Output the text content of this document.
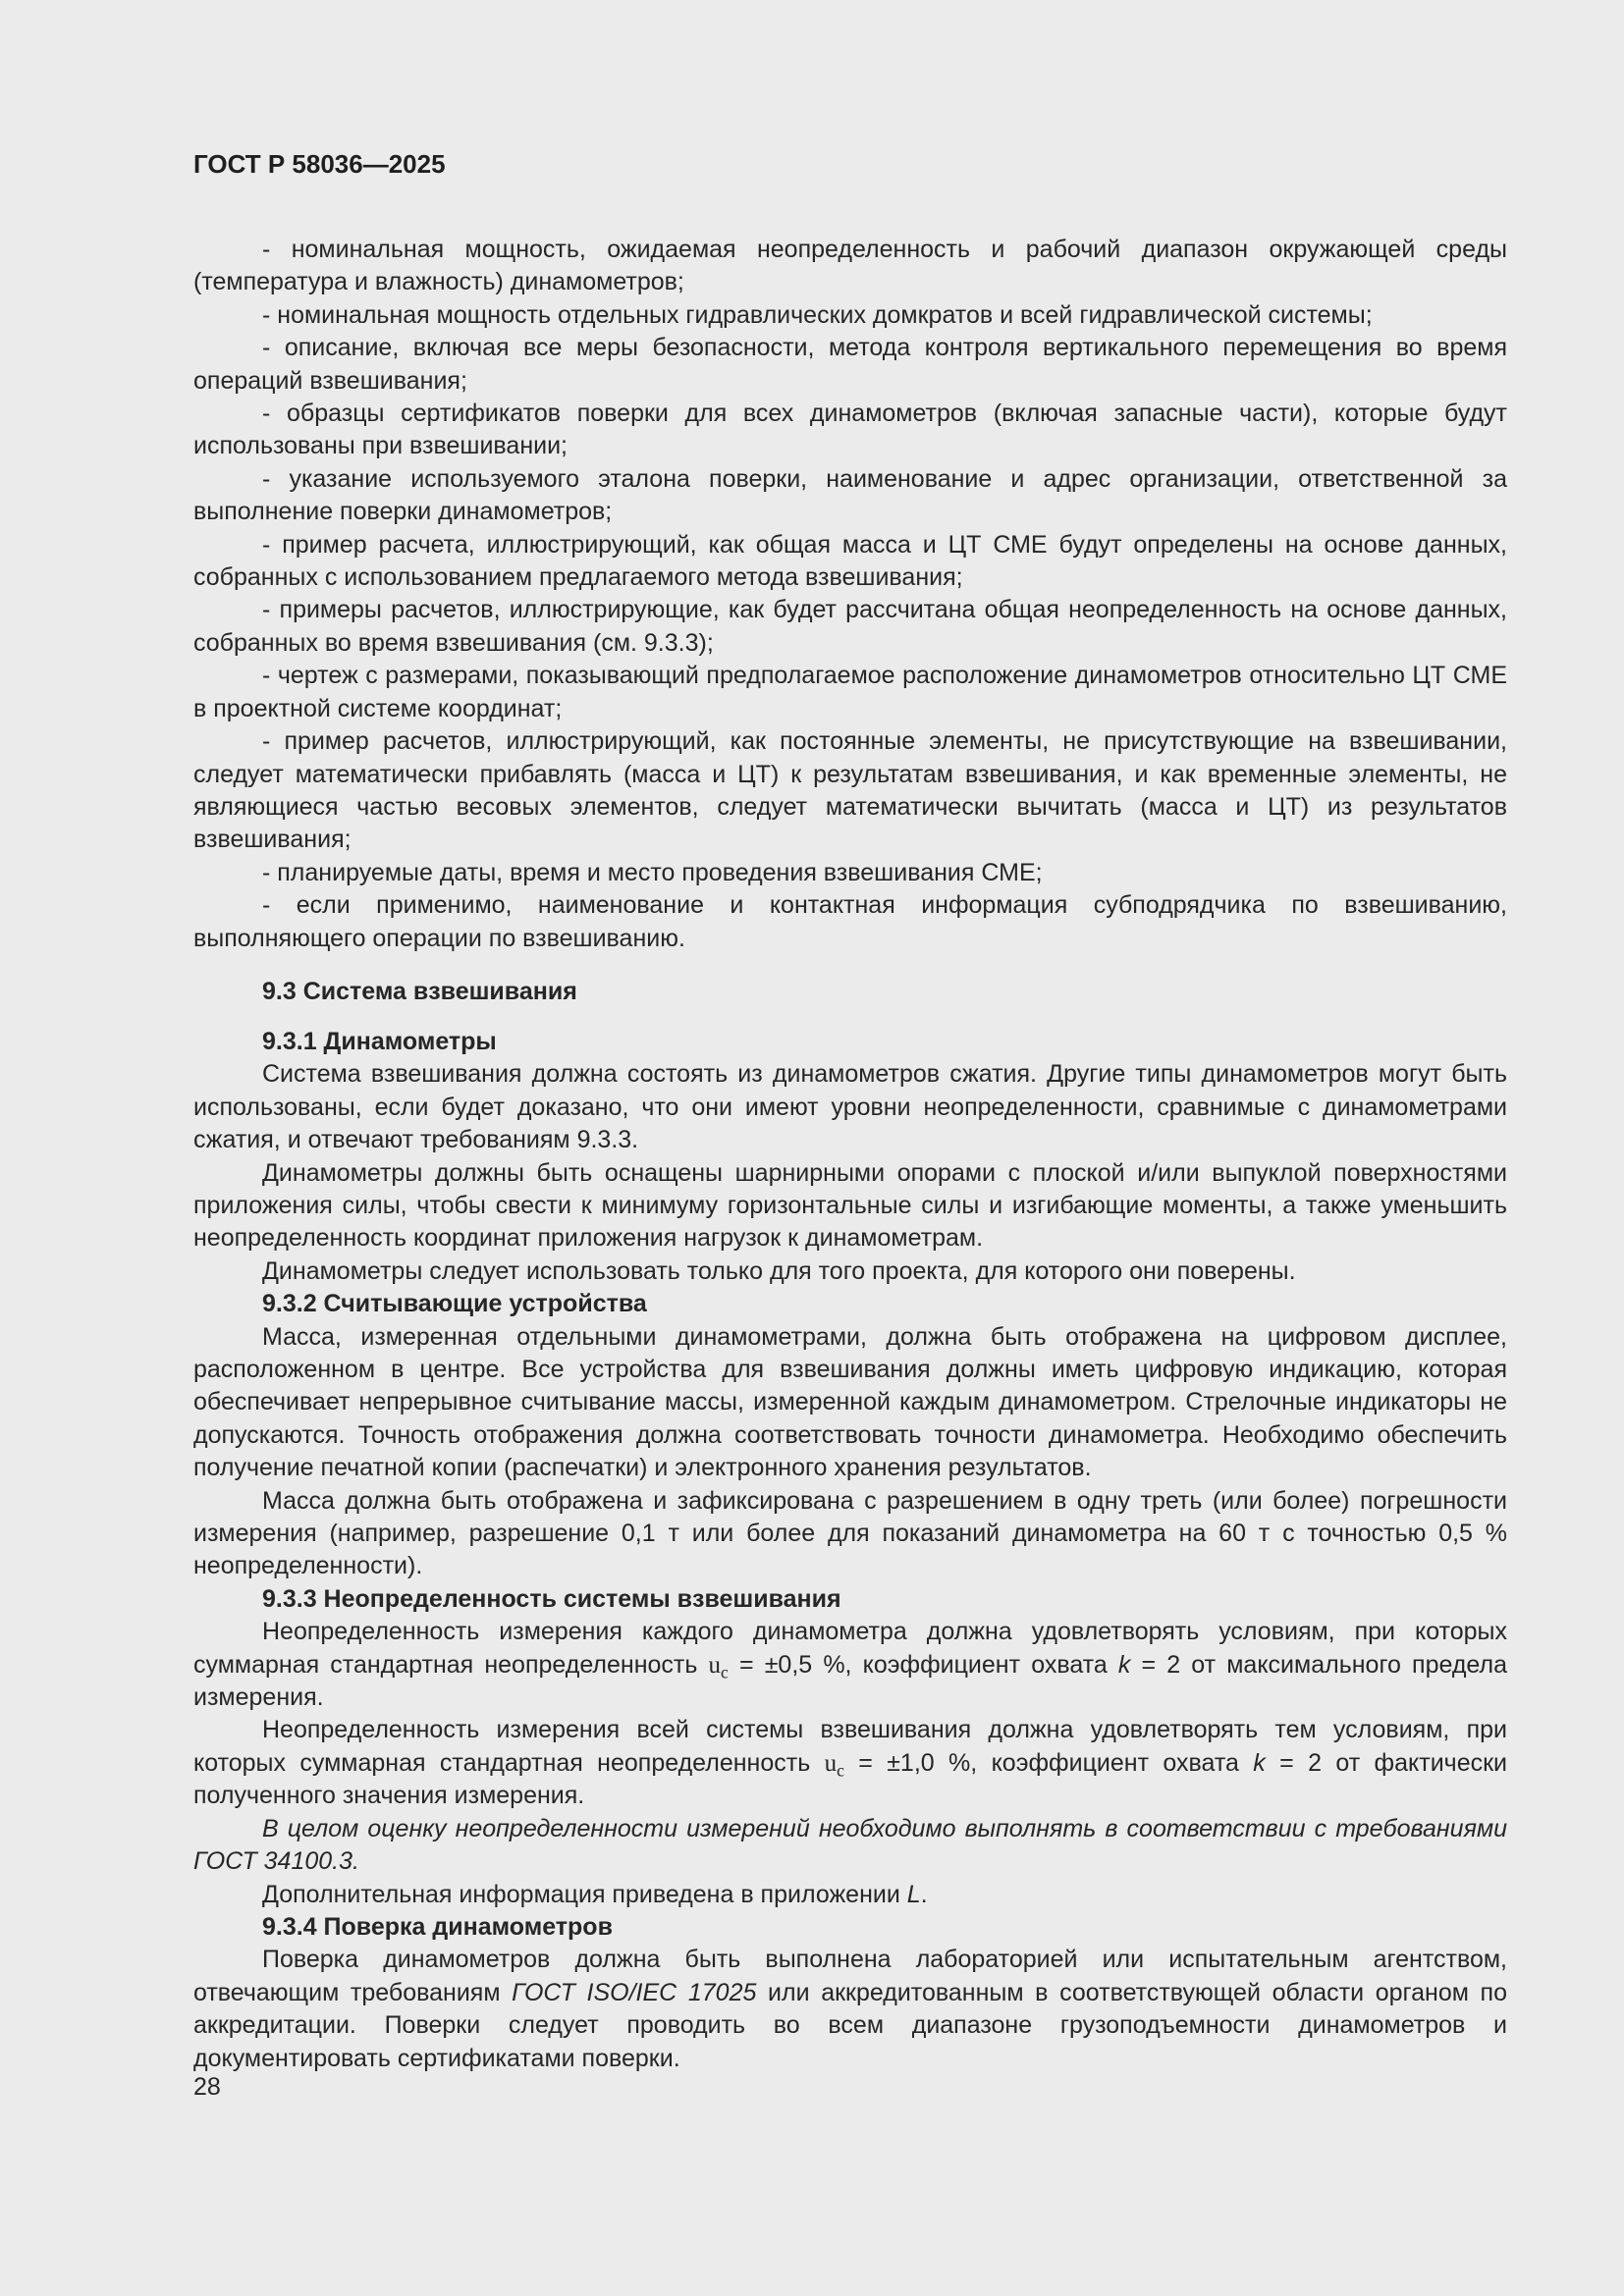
ГОСТ Р 58036—2025

- номинальная мощность, ожидаемая неопределенность и рабочий диапазон окружающей среды (температура и влажность) динамометров;

- номинальная мощность отдельных гидравлических домкратов и всей гидравлической системы;

- описание, включая все меры безопасности, метода контроля вертикального перемещения во время операций взвешивания;

- образцы сертификатов поверки для всех динамометров (включая запасные части), которые будут использованы при взвешивании;

- указание используемого эталона поверки, наименование и адрес организации, ответственной за выполнение поверки динамометров;

- пример расчета, иллюстрирующий, как общая масса и ЦТ СМЕ будут определены на основе данных, собранных с использованием предлагаемого метода взвешивания;

- примеры расчетов, иллюстрирующие, как будет рассчитана общая неопределенность на основе данных, собранных во время взвешивания (см. 9.3.3);

- чертеж с размерами, показывающий предполагаемое расположение динамометров относительно ЦТ СМЕ в проектной системе координат;

- пример расчетов, иллюстрирующий, как постоянные элементы, не присутствующие на взвешивании, следует математически прибавлять (масса и ЦТ) к результатам взвешивания, и как временные элементы, не являющиеся частью весовых элементов, следует математически вычитать (масса и ЦТ) из результатов взвешивания;

- планируемые даты, время и место проведения взвешивания СМЕ;

- если применимо, наименование и контактная информация субподрядчика по взвешиванию, выполняющего операции по взвешиванию.

9.3 Система взвешивания
9.3.1 Динамометры

Система взвешивания должна состоять из динамометров сжатия. Другие типы динамометров могут быть использованы, если будет доказано, что они имеют уровни неопределенности, сравнимые с динамометрами сжатия, и отвечают требованиям 9.3.3.

Динамометры должны быть оснащены шарнирными опорами с плоской и/или выпуклой поверхностями приложения силы, чтобы свести к минимуму горизонтальные силы и изгибающие моменты, а также уменьшить неопределенность координат приложения нагрузок к динамометрам.

Динамометры следует использовать только для того проекта, для которого они поверены.

9.3.2 Считывающие устройства

Масса, измеренная отдельными динамометрами, должна быть отображена на цифровом дисплее, расположенном в центре. Все устройства для взвешивания должны иметь цифровую индикацию, которая обеспечивает непрерывное считывание массы, измеренной каждым динамометром. Стрелочные индикаторы не допускаются. Точность отображения должна соответствовать точности динамометра. Необходимо обеспечить получение печатной копии (распечатки) и электронного хранения результатов.

Масса должна быть отображена и зафиксирована с разрешением в одну треть (или более) погрешности измерения (например, разрешение 0,1 т или более для показаний динамометра на 60 т с точностью 0,5 % неопределенности).

9.3.3 Неопределенность системы взвешивания

Неопределенность измерения каждого динамометра должна удовлетворять условиям, при которых суммарная стандартная неопределенность $u_c = \pm 0,5$ %, коэффициент охвата k = 2 от максимального предела измерения.

Неопределенность измерения всей системы взвешивания должна удовлетворять тем условиям, при которых суммарная стандартная неопределенность $u_c = \pm 1,0$ %, коэффициент охвата k = 2 от фактически полученного значения измерения.

В целом оценку неопределенности измерений необходимо выполнять в соответствии с требованиями ГОСТ 34100.3.

Дополнительная информация приведена в приложении L.

9.3.4 Поверка динамометров

Поверка динамометров должна быть выполнена лабораторией или испытательным агентством, отвечающим требованиям ГОСТ ISO/IEC 17025 или аккредитованным в соответствующей области органом по аккредитации. Поверки следует проводить во всем диапазоне грузоподъемности динамометров и документировать сертификатами поверки.

28
